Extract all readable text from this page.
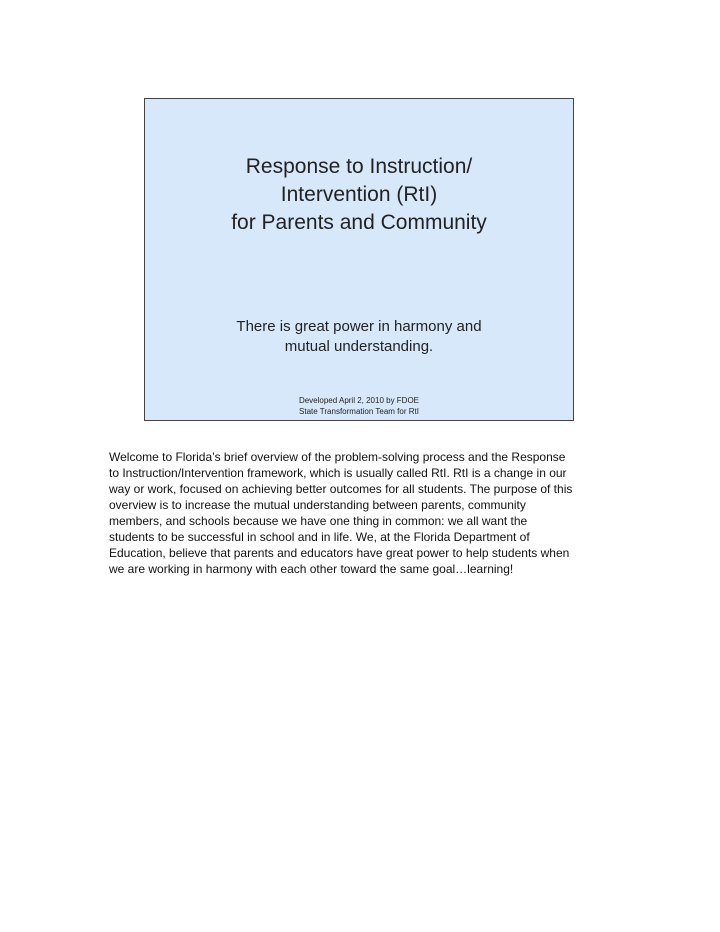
Response to Instruction/
Intervention (RtI)
for Parents and Community

There is great power in harmony and
mutual understanding.

Developed April 2, 2010 by FDOE
State Transformation Team for RtI

Welcome to Florida’s brief overview of the problem-solving process and the Response
to Instruction/Intervention framework, which is usually called RtI. RtI is a change in our
way or work, focused on achieving better outcomes for all students. The purpose of this
overview is to increase the mutual understanding between parents, community
members, and schools because we have one thing in common: we all want the
students to be successful in school and in life. We, at the Florida Department of
Education, believe that parents and educators have great power to help students when
we are working in harmony with each other toward the same goal…learning!
